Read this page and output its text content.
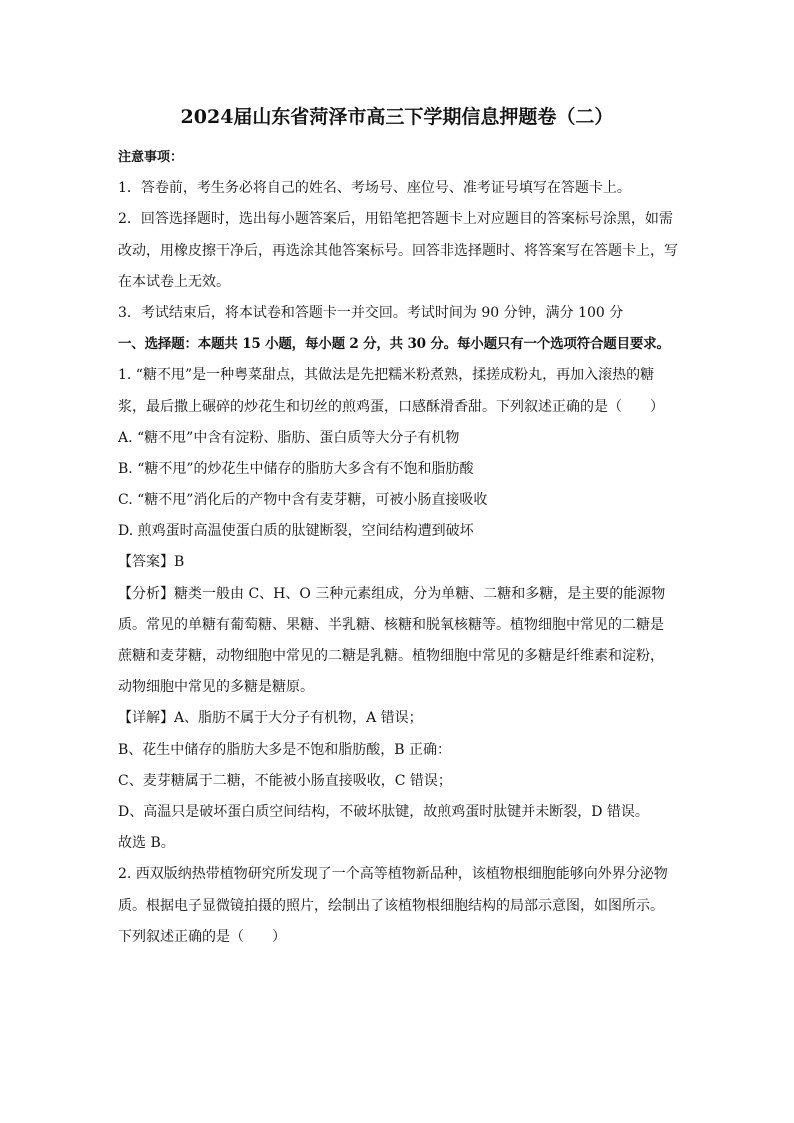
2024届山东省菏泽市高三下学期信息押题卷（二）
注意事项：
1．答卷前，考生务必将自己的姓名、考场号、座位号、准考证号填写在答题卡上。
2．回答选择题时，选出每小题答案后，用铅笔把答题卡上对应题目的答案标号涂黑，如需
改动，用橡皮擦干净后，再选涂其他答案标号。回答非选择题时、将答案写在答题卡上，写
在本试卷上无效。
3．考试结束后，将本试卷和答题卡一并交回。考试时间为 90 分钟，满分 100 分
一、选择题：本题共 15 小题，每小题 2 分，共 30 分。每小题只有一个选项符合题目要求。
1. “糖不甩”是一种粤菜甜点，其做法是先把糯米粉煮熟，揉搓成粉丸，再加入滚热的糖
浆，最后撒上碾碎的炒花生和切丝的煎鸡蛋，口感酥滑香甜。下列叙述正确的是（　　）
A. “糖不甩”中含有淀粉、脂肪、蛋白质等大分子有机物
B. “糖不甩”的炒花生中储存的脂肪大多含有不饱和脂肪酸
C. “糖不甩”消化后的产物中含有麦芽糖，可被小肠直接吸收
D. 煎鸡蛋时高温使蛋白质的肽键断裂，空间结构遭到破坏
【答案】B
【分析】糖类一般由 C、H、O 三种元素组成，分为单糖、二糖和多糖，是主要的能源物
质。常见的单糖有葡萄糖、果糖、半乳糖、核糖和脱氧核糖等。植物细胞中常见的二糖是
蔗糖和麦芽糖，动物细胞中常见的二糖是乳糖。植物细胞中常见的多糖是纤维素和淀粉，
动物细胞中常见的多糖是糖原。
【详解】A、脂肪不属于大分子有机物，A 错误；
B、花生中储存的脂肪大多是不饱和脂肪酸，B 正确：
C、麦芽糖属于二糖，不能被小肠直接吸收，C 错误；
D、高温只是破坏蛋白质空间结构，不破坏肽键，故煎鸡蛋时肽键并未断裂，D 错误。
故选 B。
2. 西双版纳热带植物研究所发现了一个高等植物新品种，该植物根细胞能够向外界分泌物
质。根据电子显微镜拍摄的照片，绘制出了该植物根细胞结构的局部示意图，如图所示。
下列叙述正确的是（　　）
